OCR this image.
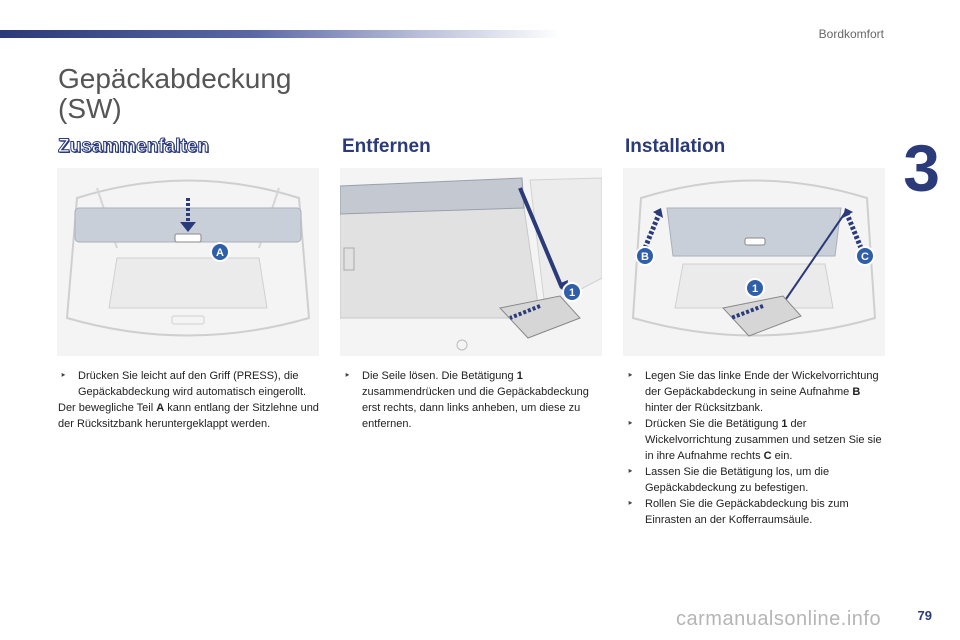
Bordkomfort
3
Gepäckabdeckung
(SW)
Zusammenfalten	Entfernen	Installation
A
1
B	C
1

‣ Drücken Sie leicht auf den Griff (PRESS), die Gepäckabdeckung wird automatisch eingerollt.

Der bewegliche Teil A kann entlang der Sitzlehne und der Rücksitzbank heruntergeklappt werden.

‣ Die Seile lösen. Die Betätigung 1 zusammendrücken und die Gepäckabdeckung erst rechts, dann links anheben, um diese zu entfernen.

‣ Legen Sie das linke Ende der Wickelvorrichtung der Gepäckabdeckung in seine Aufnahme B hinter der Rücksitzbank.

‣ Drücken Sie die Betätigung 1 der Wickelvorrichtung zusammen und setzen Sie sie in ihre Aufnahme rechts C ein.

‣ Lassen Sie die Betätigung los, um die Gepäckabdeckung zu befestigen.

‣ Rollen Sie die Gepäckabdeckung bis zum Einrasten an der Kofferraumsäule.

carmanualsonline.info	79
